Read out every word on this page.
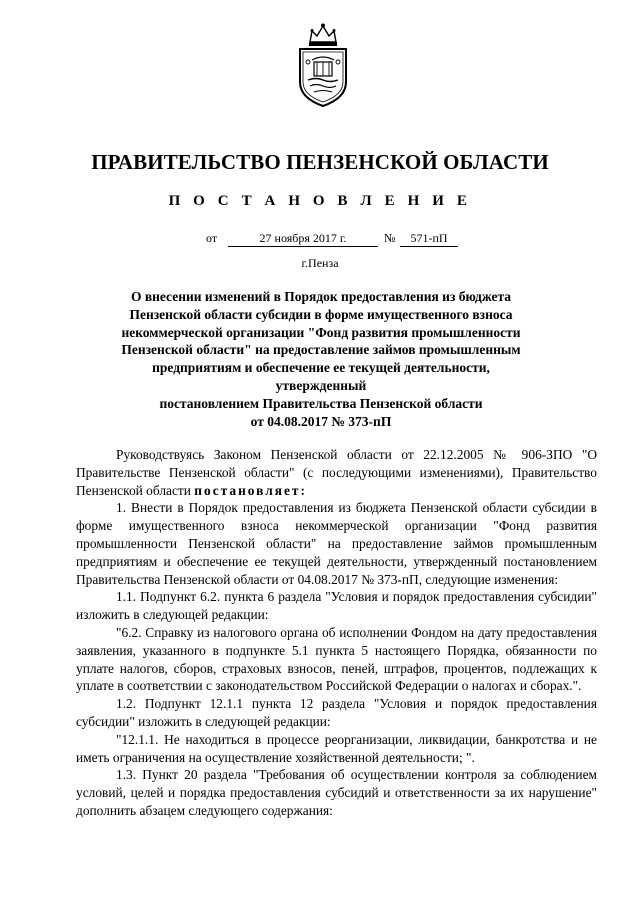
ПРАВИТЕЛЬСТВО ПЕНЗЕНСКОЙ ОБЛАСТИ
П О С Т А Н О В Л Е Н И Е
от	27 ноября 2017 г.	№	571-пП
г.Пенза
О внесении изменений в Порядок предоставления из бюджета
Пензенской области субсидии в форме имущественного взноса
некоммерческой организации "Фонд развития промышленности
Пензенской области" на предоставление займов промышленным
предприятиям и обеспечение ее текущей деятельности, утвержденный
постановлением Правительства Пензенской области
от 04.08.2017 № 373-пП

Руководствуясь Законом Пензенской области от 22.12.2005 № 906-ЗПО "О Правительстве Пензенской области" (с последующими изменениями), Правительство Пензенской области постановляет:

1. Внести в Порядок предоставления из бюджета Пензенской области субсидии в форме имущественного взноса некоммерческой организации "Фонд развития промышленности Пензенской области" на предоставление займов промышленным предприятиям и обеспечение ее текущей деятельности, утвержденный постановлением Правительства Пензенской области от 04.08.2017 № 373-пП, следующие изменения:

1.1. Подпункт 6.2. пункта 6 раздела "Условия и порядок предоставления субсидии" изложить в следующей редакции:

"6.2. Справку из налогового органа об исполнении Фондом на дату предоставления заявления, указанного в подпункте 5.1 пункта 5 настоящего Порядка, обязанности по уплате налогов, сборов, страховых взносов, пеней, штрафов, процентов, подлежащих к уплате в соответствии с законодательством Российской Федерации о налогах и сборах.".

1.2. Подпункт 12.1.1 пункта 12 раздела "Условия и порядок предоставления субсидии" изложить в следующей редакции:

"12.1.1. Не находиться в процессе реорганизации, ликвидации, банкротства и не иметь ограничения на осуществление хозяйственной деятельности; ".

1.3. Пункт 20 раздела "Требования об осуществлении контроля за соблюдением условий, целей и порядка предоставления субсидий и ответственности за их нарушение" дополнить абзацем следующего содержания:
